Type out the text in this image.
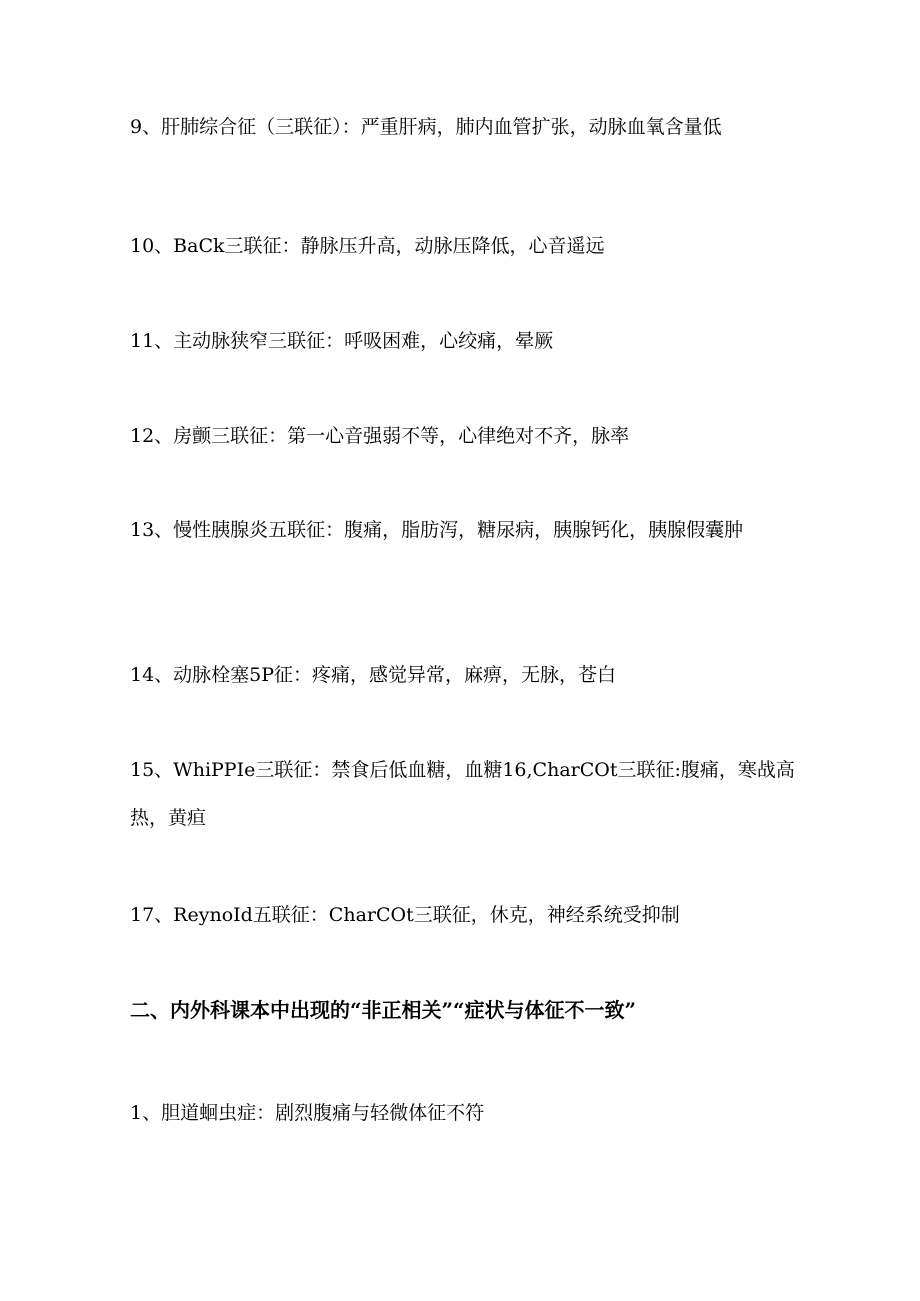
9、肝肺综合征（三联征）：严重肝病，肺内血管扩张，动脉血氧含量低
10、BaCk三联征：静脉压升高，动脉压降低，心音遥远
11、主动脉狭窄三联征：呼吸困难，心绞痛，晕厥
12、房颤三联征：第一心音强弱不等，心律绝对不齐，脉率
13、慢性胰腺炎五联征：腹痛，脂肪泻，糖尿病，胰腺钙化，胰腺假囊肿
14、动脉栓塞5P征：疼痛，感觉异常，麻痹，无脉，苍白
15、WhiPPIe三联征：禁食后低血糖，血糖16,CharCOt三联征:腹痛，寒战高热，黄疸
17、ReynoId五联征：CharCOt三联征，休克，神经系统受抑制
二、内外科课本中出现的“非正相关”“症状与体征不一致”
1、胆道蛔虫症：剧烈腹痛与轻微体征不符
